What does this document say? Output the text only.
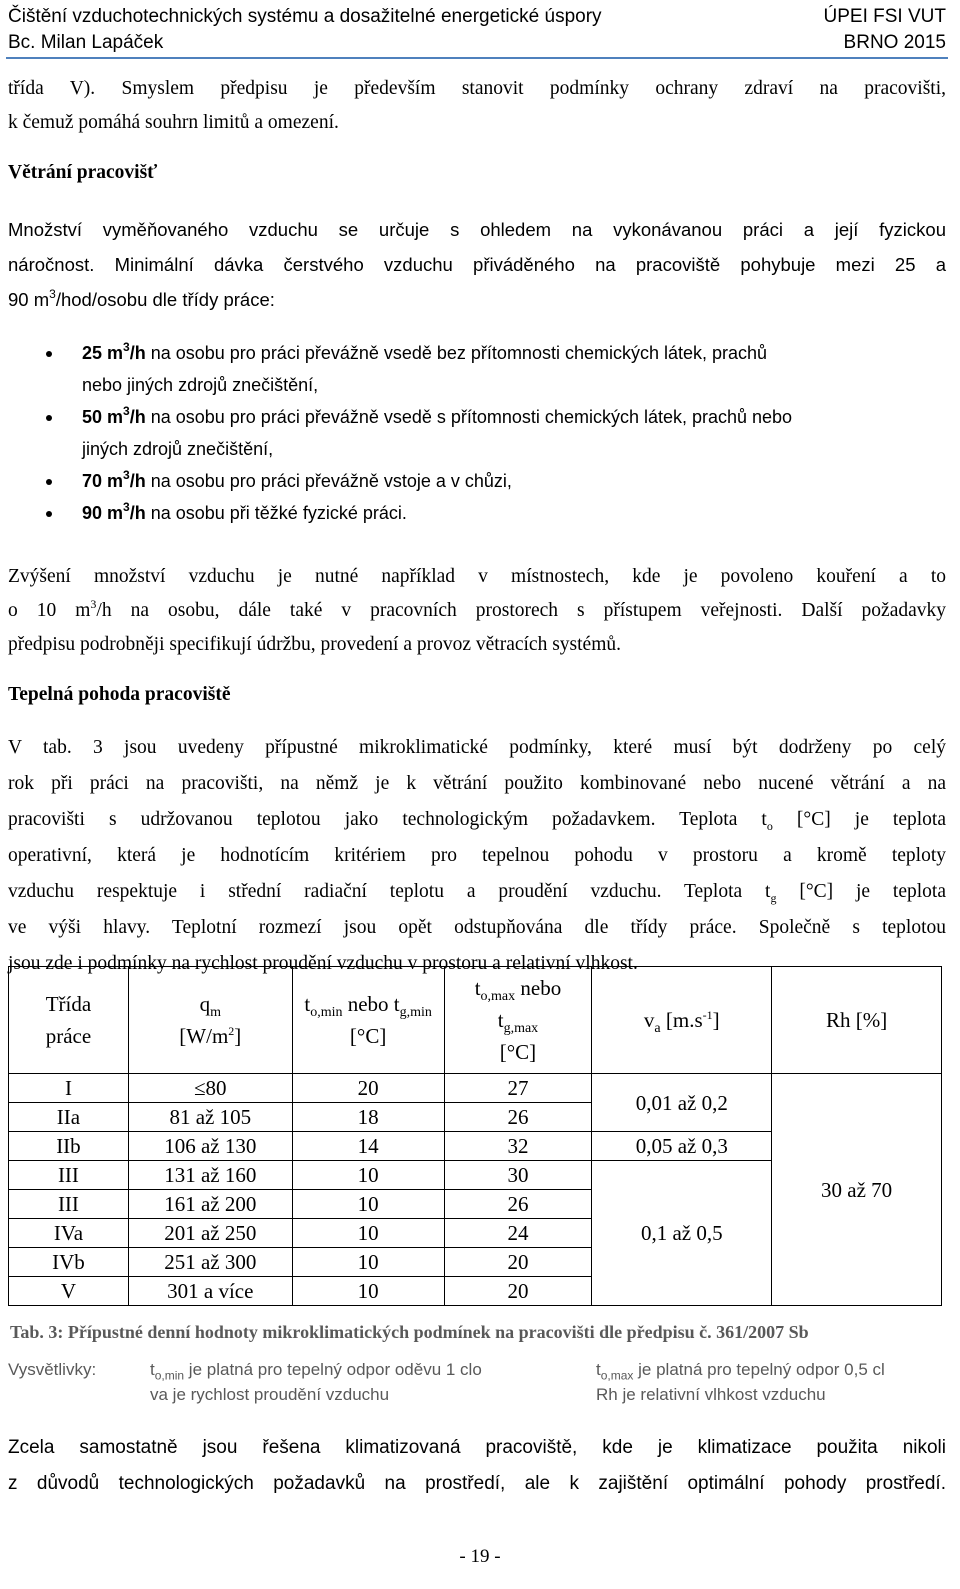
Čištění vzduchotechnických systému a dosažitelné energetické úspory	ÚPEI FSI VUT
Bc. Milan Lapáček	BRNO 2015
třída V). Smyslem předpisu je především stanovit podmínky ochrany zdraví na pracovišti,
k čemuž pomáhá souhrn limitů a omezení.
Větrání pracovišť
Množství vyměňovaného vzduchu se určuje s ohledem na vykonávanou práci a její fyzickou
náročnost. Minimální dávka čerstvého vzduchu přiváděného na pracoviště pohybuje mezi 25 a
90 $m^3/hod$/osobu dle třídy práce:
25 $m^3/h$ na osobu pro práci převážně vsedě bez přítomnosti chemických látek, prachů
nebo jiných zdrojů znečištění,
50 $m^3/h$ na osobu pro práci převážně vsedě s přítomnosti chemických látek, prachů nebo
jiných zdrojů znečištění,
70 $m^3/h$ na osobu pro práci převážně vstoje a v chůzi,
90 $m^3/h$ na osobu při těžké fyzické práci.
Zvýšení množství vzduchu je nutné například v místnostech, kde je povoleno kouření a to
o 10 $m^3/h$ na osobu, dále také v pracovních prostorech s přístupem veřejnosti. Další požadavky
předpisu podrobněji specifikují údržbu, provedení a provoz větracích systémů.
Tepelná pohoda pracoviště
V tab. 3 jsou uvedeny přípustné mikroklimatické podmínky, které musí být dodrženy po celý
rok při práci na pracovišti, na němž je k větrání použito kombinované nebo nucené větrání a na
pracovišti s udržovanou teplotou jako technologickým požadavkem. Teplota $t_o$ [°C] je teplota
operativní, která je hodnotícím kritériem pro tepelnou pohodu v prostoru a kromě teploty
vzduchu respektuje i střední radiační teplotu a proudění vzduchu. Teplota $t_g$ [°C] je teplota
ve výši hlavy. Teplotní rozmezí jsou opět odstupňována dle třídy práce. Společně s teplotou
jsou zde i podmínky na rychlost proudění vzduchu v prostoru a relativní vlhkost.
Třída
práce	$q_m$
$[W/m^2]$	$t_{o,min}$ nebo $t_{g,min}$
[°C]	$t_{o,max}$ nebo
$t_{g,max}$
[°C]	$v_a$ $[m.s^{-1}]$	Rh [%]
I	≤80	20	27	0,01 až 0,2	30 až 70
IIa	81 až 105	18	26		
IIb	106 až 130	14	32	0,05 až 0,3	
III	131 až 160	10	30	0,1 až 0,5	
III	161 až 200	10	26		
IVa	201 až 250	10	24		
IVb	251 až 300	10	20		
V	301 a více	10	20		
Tab. 3: Přípustné denní hodnoty mikroklimatických podmínek na pracovišti dle předpisu č. 361/2007 Sb
Vysvětlivky:	$t_{o,min}$ je platná pro tepelný odpor oděvu 1 clo
va je rychlost proudění vzduchu
$t_{o,max}$ je platná pro tepelný odpor 0,5 cl
Rh je relativní vlhkost vzduchu
Zcela samostatně jsou řešena klimatizovaná pracoviště, kde je klimatizace použita nikoli
z důvodů technologických požadavků na prostředí, ale k zajištění optimální pohody prostředí.
- 19 -
